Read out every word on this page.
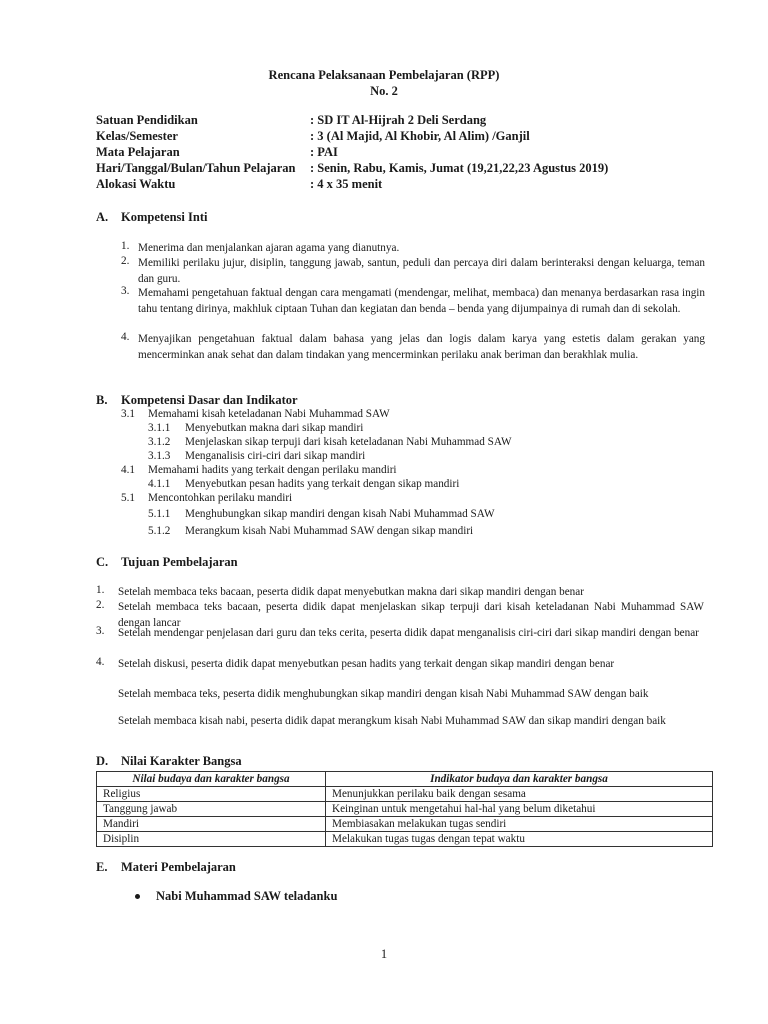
Rencana Pelaksanaan Pembelajaran (RPP)
No. 2
Satuan Pendidikan	: SD IT Al-Hijrah 2 Deli Serdang
Kelas/Semester	: 3 (Al Majid, Al Khobir, Al Alim) /Ganjil
Mata Pelajaran	: PAI
Hari/Tanggal/Bulan/Tahun Pelajaran : Senin, Rabu, Kamis, Jumat (19,21,22,23 Agustus 2019)
Alokasi Waktu	: 4 x 35 menit
A. Kompetensi Inti
1. Menerima dan menjalankan ajaran agama yang dianutnya.
2. Memiliki perilaku jujur, disiplin, tanggung jawab, santun, peduli dan percaya diri dalam berinteraksi dengan keluarga, teman dan guru.
3. Memahami pengetahuan faktual dengan cara mengamati (mendengar, melihat, membaca) dan menanya berdasarkan rasa ingin tahu tentang dirinya, makhluk ciptaan Tuhan dan kegiatan dan benda – benda yang dijumpainya di rumah dan di sekolah.
4. Menyajikan pengetahuan faktual dalam bahasa yang jelas dan logis dalam karya yang estetis dalam gerakan yang mencerminkan anak sehat dan dalam tindakan yang mencerminkan perilaku anak beriman dan berakhlak mulia.
B. Kompetensi Dasar dan Indikator
3.1 Memahami kisah keteladanan Nabi Muhammad SAW
3.1.1 Menyebutkan makna dari sikap mandiri
3.1.2 Menjelaskan sikap terpuji dari kisah keteladanan Nabi Muhammad SAW
3.1.3 Menganalisis ciri-ciri dari sikap mandiri
4.1 Memahami hadits yang terkait dengan perilaku mandiri
4.1.1 Menyebutkan pesan hadits yang terkait dengan sikap mandiri
5.1 Mencontohkan perilaku mandiri
5.1.1 Menghubungkan sikap mandiri dengan kisah Nabi Muhammad SAW
5.1.2 Merangkum kisah Nabi Muhammad SAW dengan sikap mandiri
C. Tujuan Pembelajaran
1. Setelah membaca teks bacaan, peserta didik dapat menyebutkan makna dari sikap mandiri dengan benar
2. Setelah membaca teks bacaan, peserta didik dapat menjelaskan sikap terpuji dari kisah keteladanan Nabi Muhammad SAW dengan lancar
3. Setelah mendengar penjelasan dari guru dan teks cerita, peserta didik dapat menganalisis ciri-ciri dari sikap mandiri dengan benar
4. Setelah diskusi, peserta didik dapat menyebutkan pesan hadits yang terkait dengan sikap mandiri dengan benar
Setelah membaca teks, peserta didik menghubungkan sikap mandiri dengan kisah Nabi Muhammad SAW dengan baik
Setelah membaca kisah nabi, peserta didik dapat merangkum kisah Nabi Muhammad SAW dan sikap mandiri dengan baik
D. Nilai Karakter Bangsa
Nilai budaya dan karakter bangsa	Indikator budaya dan karakter bangsa
Religius	Menunjukkan perilaku baik dengan sesama
Tanggung jawab	Keinginan untuk mengetahui hal-hal yang belum diketahui
Mandiri	Membiasakan melakukan tugas sendiri
Disiplin	Melakukan tugas tugas dengan tepat waktu
E. Materi Pembelajaran
Nabi Muhammad SAW teladanku
1
